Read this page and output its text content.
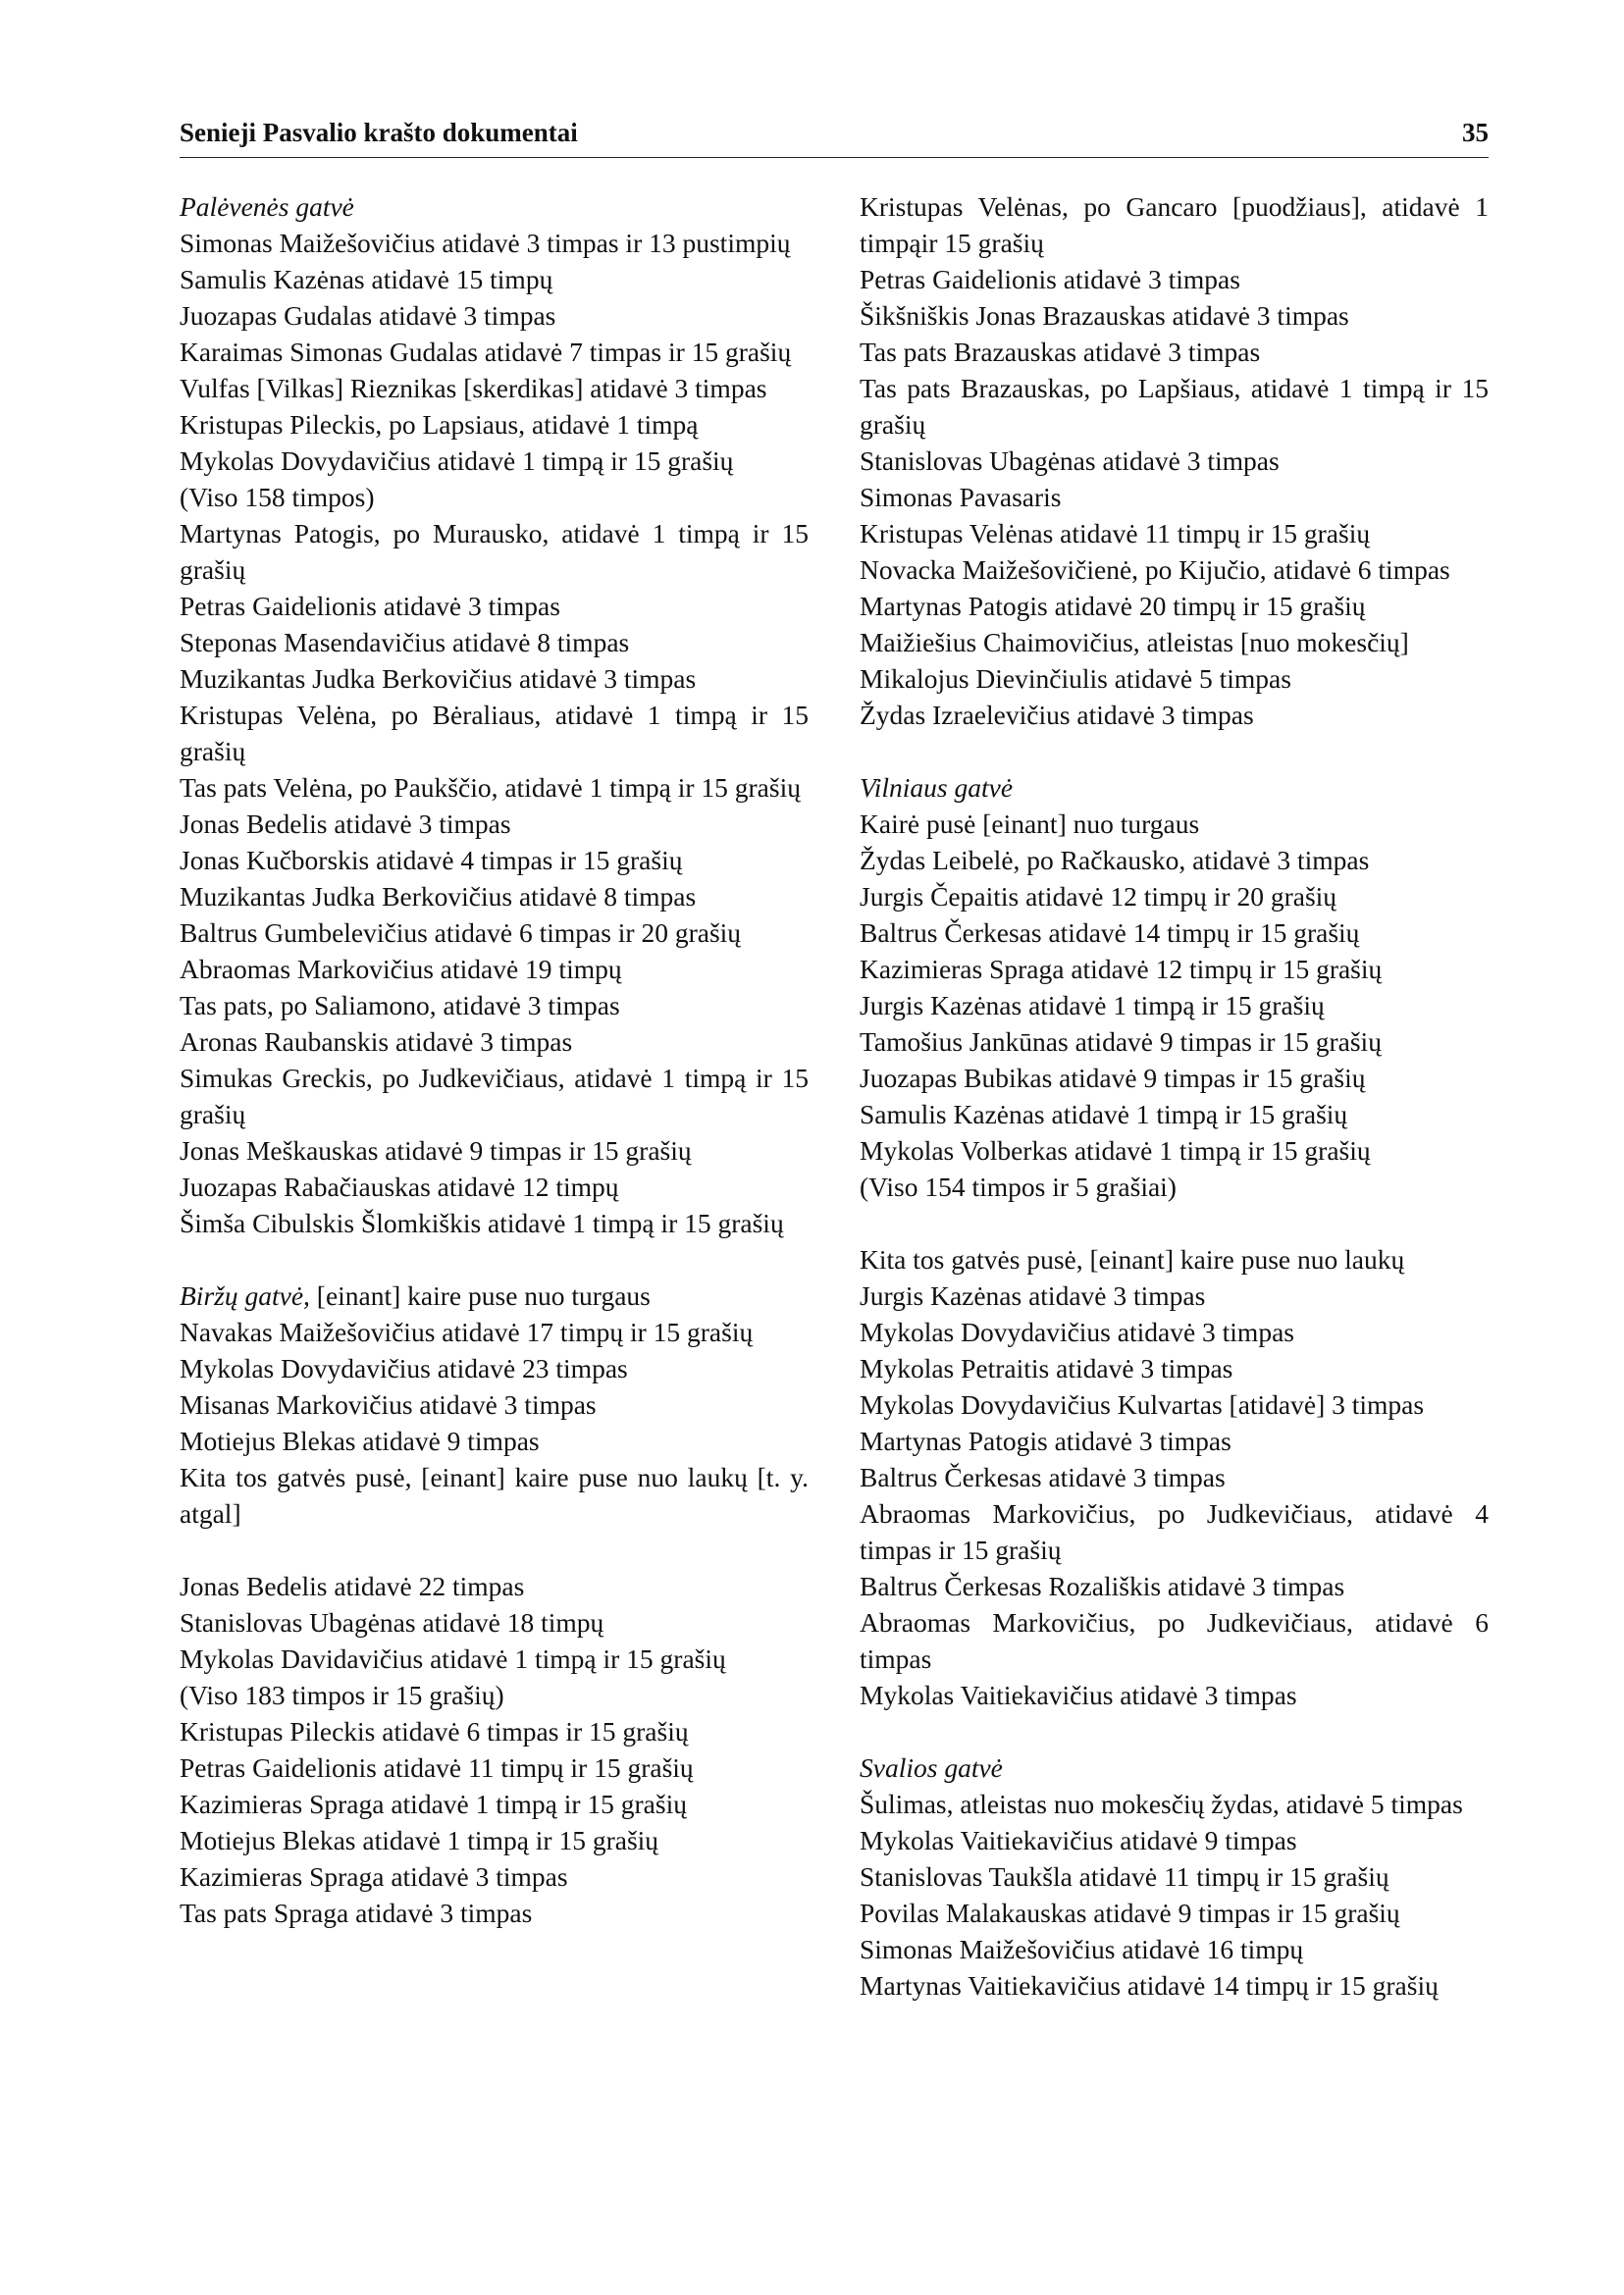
Senieji Pasvalio krašto dokumentai	35
Palėvenės gatvė
Simonas Maižešovičius atidavė 3 timpas ir 13 pustimpių
Samulis Kazėnas atidavė 15 timpų
Juozapas Gudalas atidavė 3 timpas
Karaimas Simonas Gudalas atidavė 7 timpas ir 15 grašių
Vulfas [Vilkas] Rieznikas [skerdikas] atidavė 3 timpas
Kristupas Pileckis, po Lapsiaus, atidavė 1 timpą
Mykolas Dovydavičius atidavė 1 timpą ir 15 grašių
(Viso 158 timpos)
Martynas Patogis, po Murausko, atidavė 1 timpą ir 15 grašių
Petras Gaidelionis atidavė 3 timpas
Steponas Masendavičius atidavė 8 timpas
Muzikantas Judka Berkovičius atidavė 3 timpas
Kristupas Velėna, po Bėraliaus, atidavė 1 timpą ir 15 grašių
Tas pats Velėna, po Paukščio, atidavė 1 timpą ir 15 grašių
Jonas Bedelis atidavė 3 timpas
Jonas Kučborskis atidavė 4 timpas ir 15 grašių
Muzikantas Judka Berkovičius atidavė 8 timpas
Baltrus Gumbelevičius atidavė 6 timpas ir 20 grašių
Abraomas Markovičius atidavė 19 timpų
Tas pats, po Saliamono, atidavė 3 timpas
Aronas Raubanskis atidavė 3 timpas
Simukas Greckis, po Judkevičiaus, atidavė 1 timpą ir 15 grašių
Jonas Meškauskas atidavė 9 timpas ir 15 grašių
Juozapas Rabačiauskas atidavė 12 timpų
Šimša Cibulskis Šlomkiškis atidavė 1 timpą ir 15 grašių
Biržų gatvė, [einant] kaire puse nuo turgaus
Navakas Maižešovičius atidavė 17 timpų ir 15 grašių
Mykolas Dovydavičius atidavė 23 timpas
Misanas Markovičius atidavė 3 timpas
Motiejus Blekas atidavė 9 timpas
Kita tos gatvės pusė, [einant] kaire puse nuo laukų [t. y. atgal]
Jonas Bedelis atidavė 22 timpas
Stanislovas Ubagėnas atidavė 18 timpų
Mykolas Davidavičius atidavė 1 timpą ir 15 grašių
(Viso 183 timpos ir 15 grašių)
Kristupas Pileckis atidavė 6 timpas ir 15 grašių
Petras Gaidelionis atidavė 11 timpų ir 15 grašių
Kazimieras Spraga atidavė 1 timpą ir 15 grašių
Motiejus Blekas atidavė 1 timpą ir 15 grašių
Kazimieras Spraga atidavė 3 timpas
Tas pats Spraga atidavė 3 timpas
Kristupas Velėnas, po Gancaro [puodžiaus], atidavė 1 timpąir 15 grašių
Petras Gaidelionis atidavė 3 timpas
Šikšniškis Jonas Brazauskas atidavė 3 timpas
Tas pats Brazauskas atidavė 3 timpas
Tas pats Brazauskas, po Lapšiaus, atidavė 1 timpą ir 15 grašių
Stanislovas Ubagėnas atidavė 3 timpas
Simonas Pavasaris
Kristupas Velėnas atidavė 11 timpų ir 15 grašių
Novacka Maižešovičienė, po Kijučio, atidavė 6 timpas
Martynas Patogis atidavė 20 timpų ir 15 grašių
Maižiešius Chaimovičius, atleistas [nuo mokesčių]
Mikalojus Dievinčiulis atidavė 5 timpas
Žydas Izraelevičius atidavė 3 timpas
Vilniaus gatvė
Kairė pusė [einant] nuo turgaus
Žydas Leibelė, po Račkausko, atidavė 3 timpas
Jurgis Čepaitis atidavė 12 timpų ir 20 grašių
Baltrus Čerkesas atidavė 14 timpų ir 15 grašių
Kazimieras Spraga atidavė 12 timpų ir 15 grašių
Jurgis Kazėnas atidavė 1 timpą ir 15 grašių
Tamošius Jankūnas atidavė 9 timpas ir 15 grašių
Juozapas Bubikas atidavė 9 timpas ir 15 grašių
Samulis Kazėnas atidavė 1 timpą ir 15 grašių
Mykolas Volberkas atidavė 1 timpą ir 15 grašių
(Viso 154 timpos ir 5 grašiai)
Kita tos gatvės pusė, [einant] kaire puse nuo laukų
Jurgis Kazėnas atidavė 3 timpas
Mykolas Dovydavičius atidavė 3 timpas
Mykolas Petraitis atidavė 3 timpas
Mykolas Dovydavičius Kulvartas [atidavė] 3 timpas
Martynas Patogis atidavė 3 timpas
Baltrus Čerkesas atidavė 3 timpas
Abraomas Markovičius, po Judkevičiaus, atidavė 4 timpas ir 15 grašių
Baltrus Čerkesas Rozališkis atidavė 3 timpas
Abraomas Markovičius, po Judkevičiaus, atidavė 6 timpas
Mykolas Vaitiekavičius atidavė 3 timpas
Svalios gatvė
Šulimas, atleistas nuo mokesčių žydas, atidavė 5 timpas
Mykolas Vaitiekavičius atidavė 9 timpas
Stanislovas Taukšla atidavė 11 timpų ir 15 grašių
Povilas Malakauskas atidavė 9 timpas ir 15 grašių
Simonas Maižešovičius atidavė 16 timpų
Martynas Vaitiekavičius atidavė 14 timpų ir 15 grašių
